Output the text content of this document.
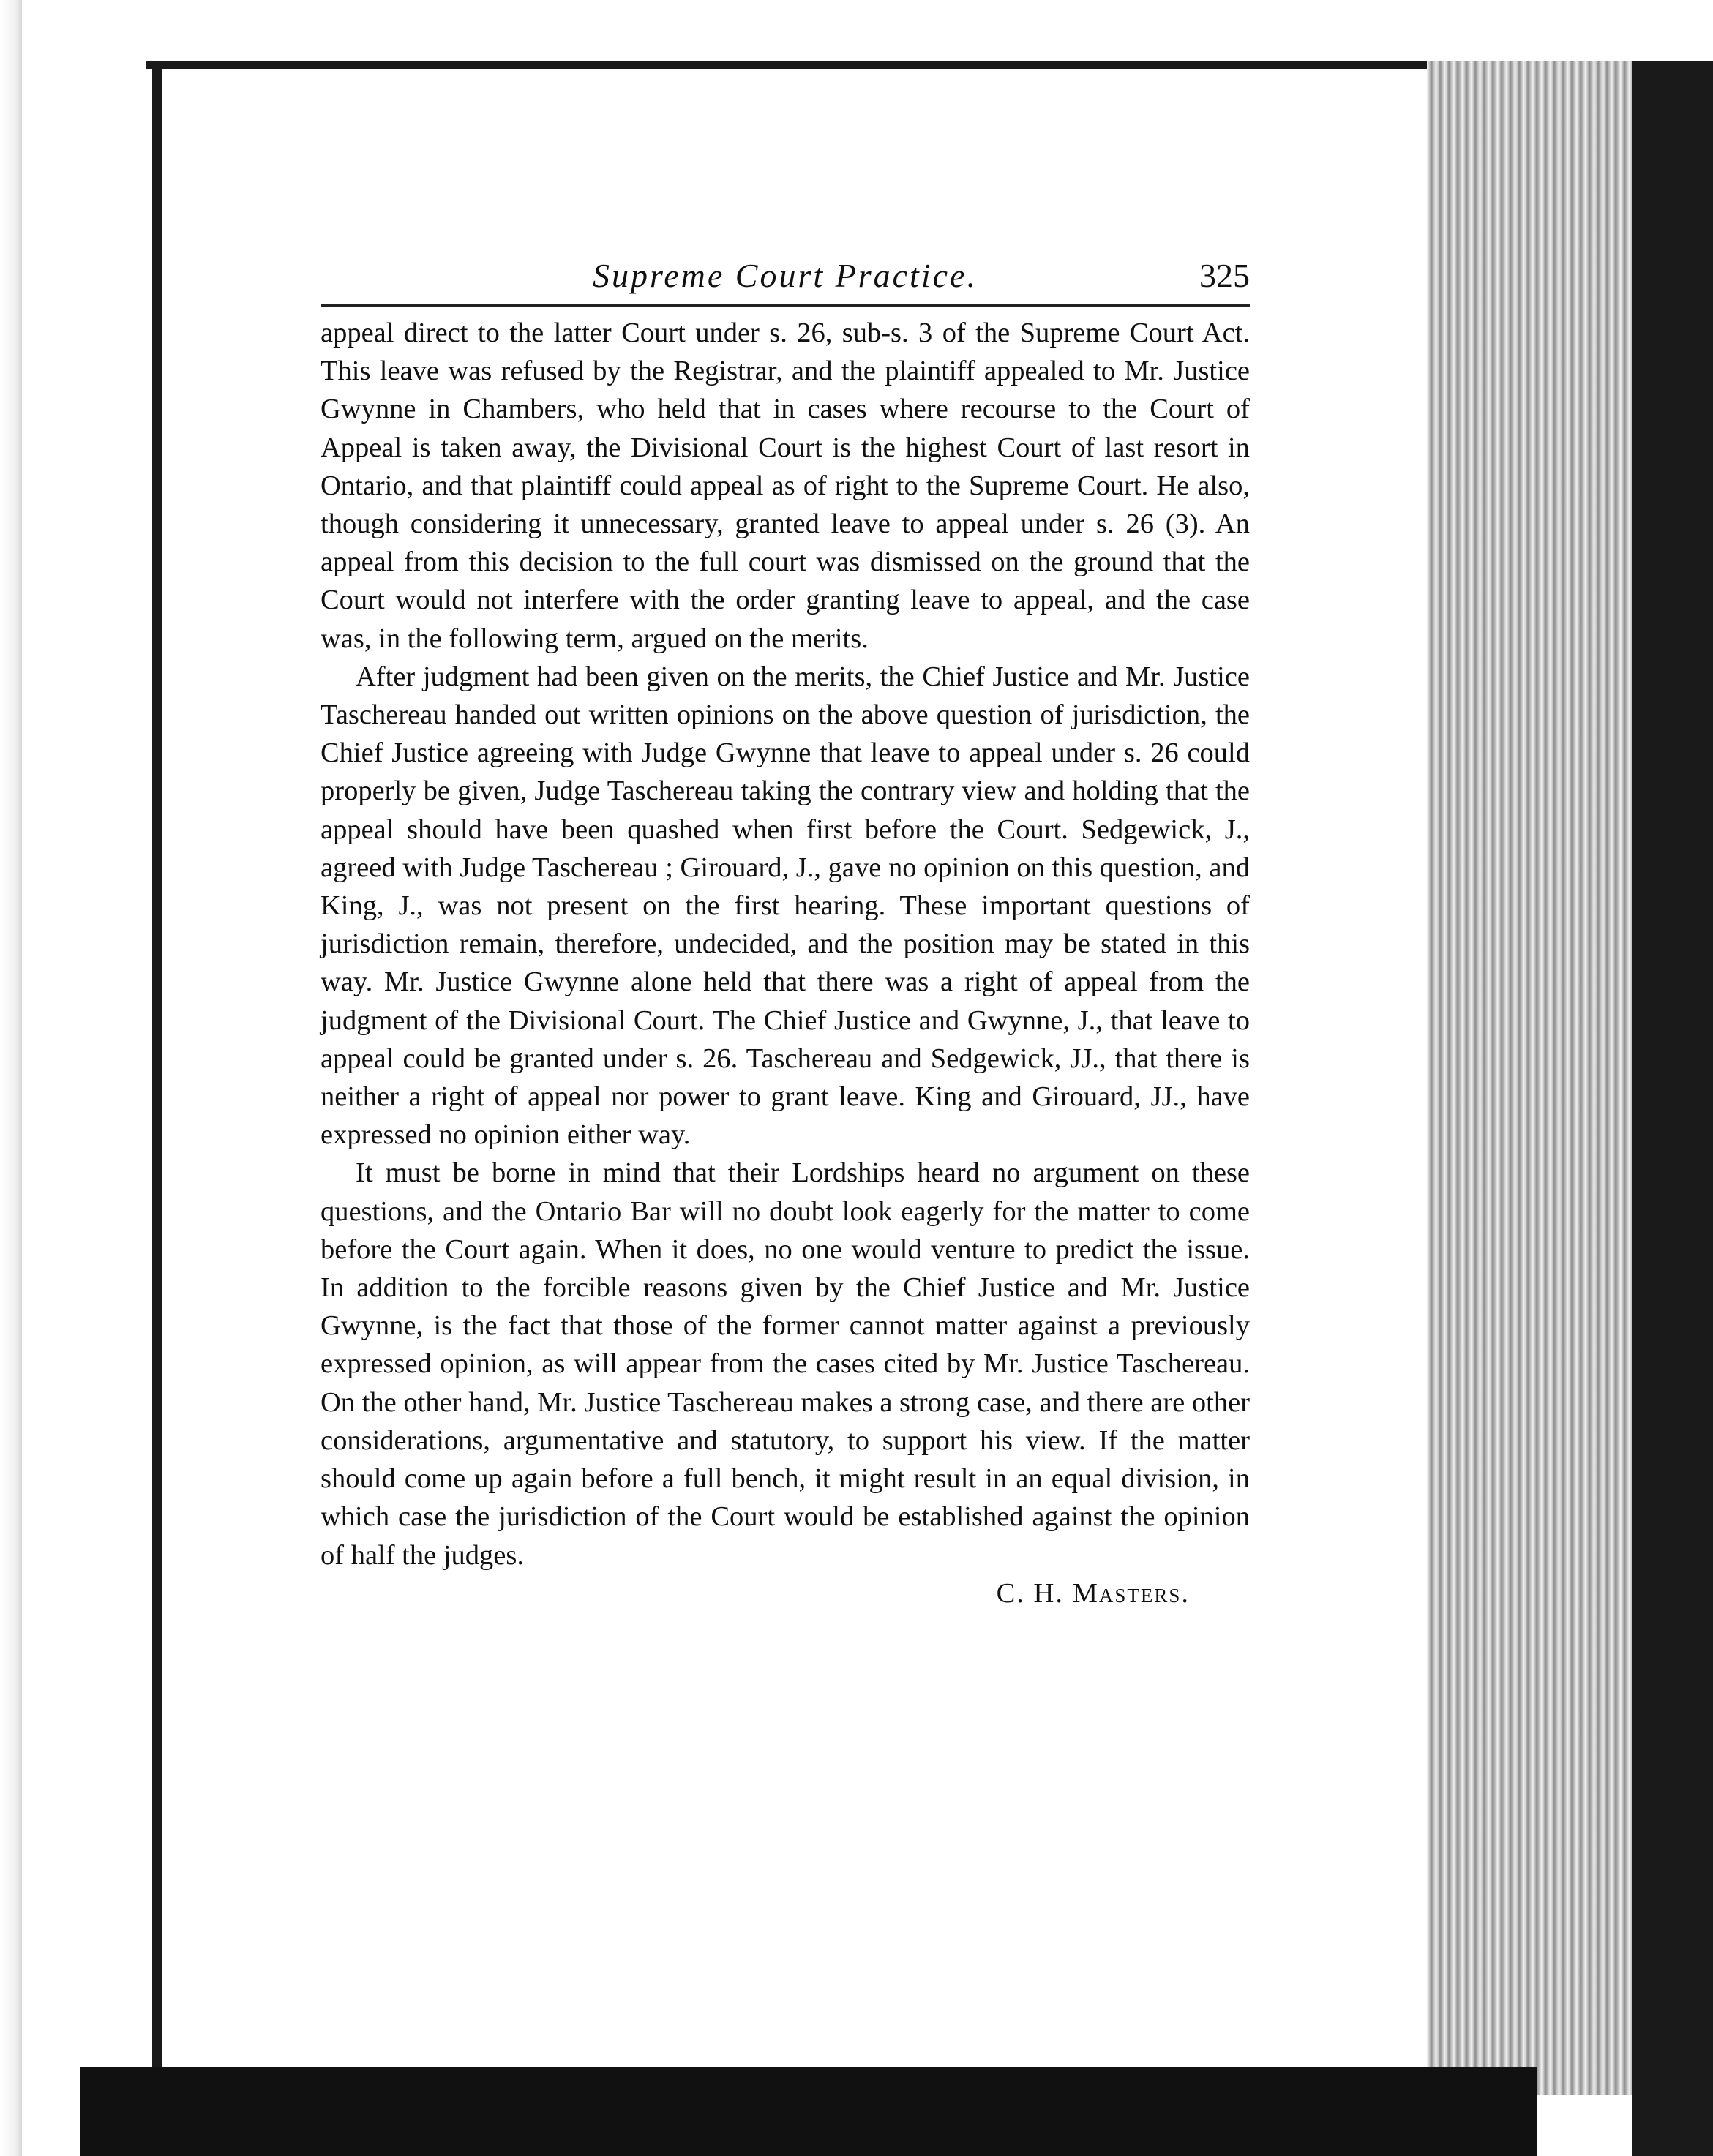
Supreme Court Practice.	325

appeal direct to the latter Court under s. 26, sub-s. 3 of the Supreme Court Act. This leave was refused by the Registrar, and the plaintiff appealed to Mr. Justice Gwynne in Chambers, who held that in cases where recourse to the Court of Appeal is taken away, the Divisional Court is the highest Court of last resort in Ontario, and that plaintiff could appeal as of right to the Supreme Court. He also, though considering it unnecessary, granted leave to appeal under s. 26 (3). An appeal from this decision to the full court was dismissed on the ground that the Court would not interfere with the order granting leave to appeal, and the case was, in the following term, argued on the merits.

After judgment had been given on the merits, the Chief Justice and Mr. Justice Taschereau handed out written opinions on the above question of jurisdiction, the Chief Justice agreeing with Judge Gwynne that leave to appeal under s. 26 could properly be given, Judge Taschereau taking the contrary view and holding that the appeal should have been quashed when first before the Court. Sedgewick, J., agreed with Judge Taschereau ; Girouard, J., gave no opinion on this question, and King, J., was not present on the first hearing. These important questions of jurisdiction remain, therefore, undecided, and the position may be stated in this way. Mr. Justice Gwynne alone held that there was a right of appeal from the judgment of the Divisional Court. The Chief Justice and Gwynne, J., that leave to appeal could be granted under s. 26. Taschereau and Sedgewick, JJ., that there is neither a right of appeal nor power to grant leave. King and Girouard, JJ., have expressed no opinion either way.

It must be borne in mind that their Lordships heard no argument on these questions, and the Ontario Bar will no doubt look eagerly for the matter to come before the Court again. When it does, no one would venture to predict the issue. In addition to the forcible reasons given by the Chief Justice and Mr. Justice Gwynne, is the fact that those of the former cannot matter against a previously expressed opinion, as will appear from the cases cited by Mr. Justice Taschereau. On the other hand, Mr. Justice Taschereau makes a strong case, and there are other considerations, argumentative and statutory, to support his view. If the matter should come up again before a full bench, it might result in an equal division, in which case the jurisdiction of the Court would be established against the opinion of half the judges.

C. H. Masters.
